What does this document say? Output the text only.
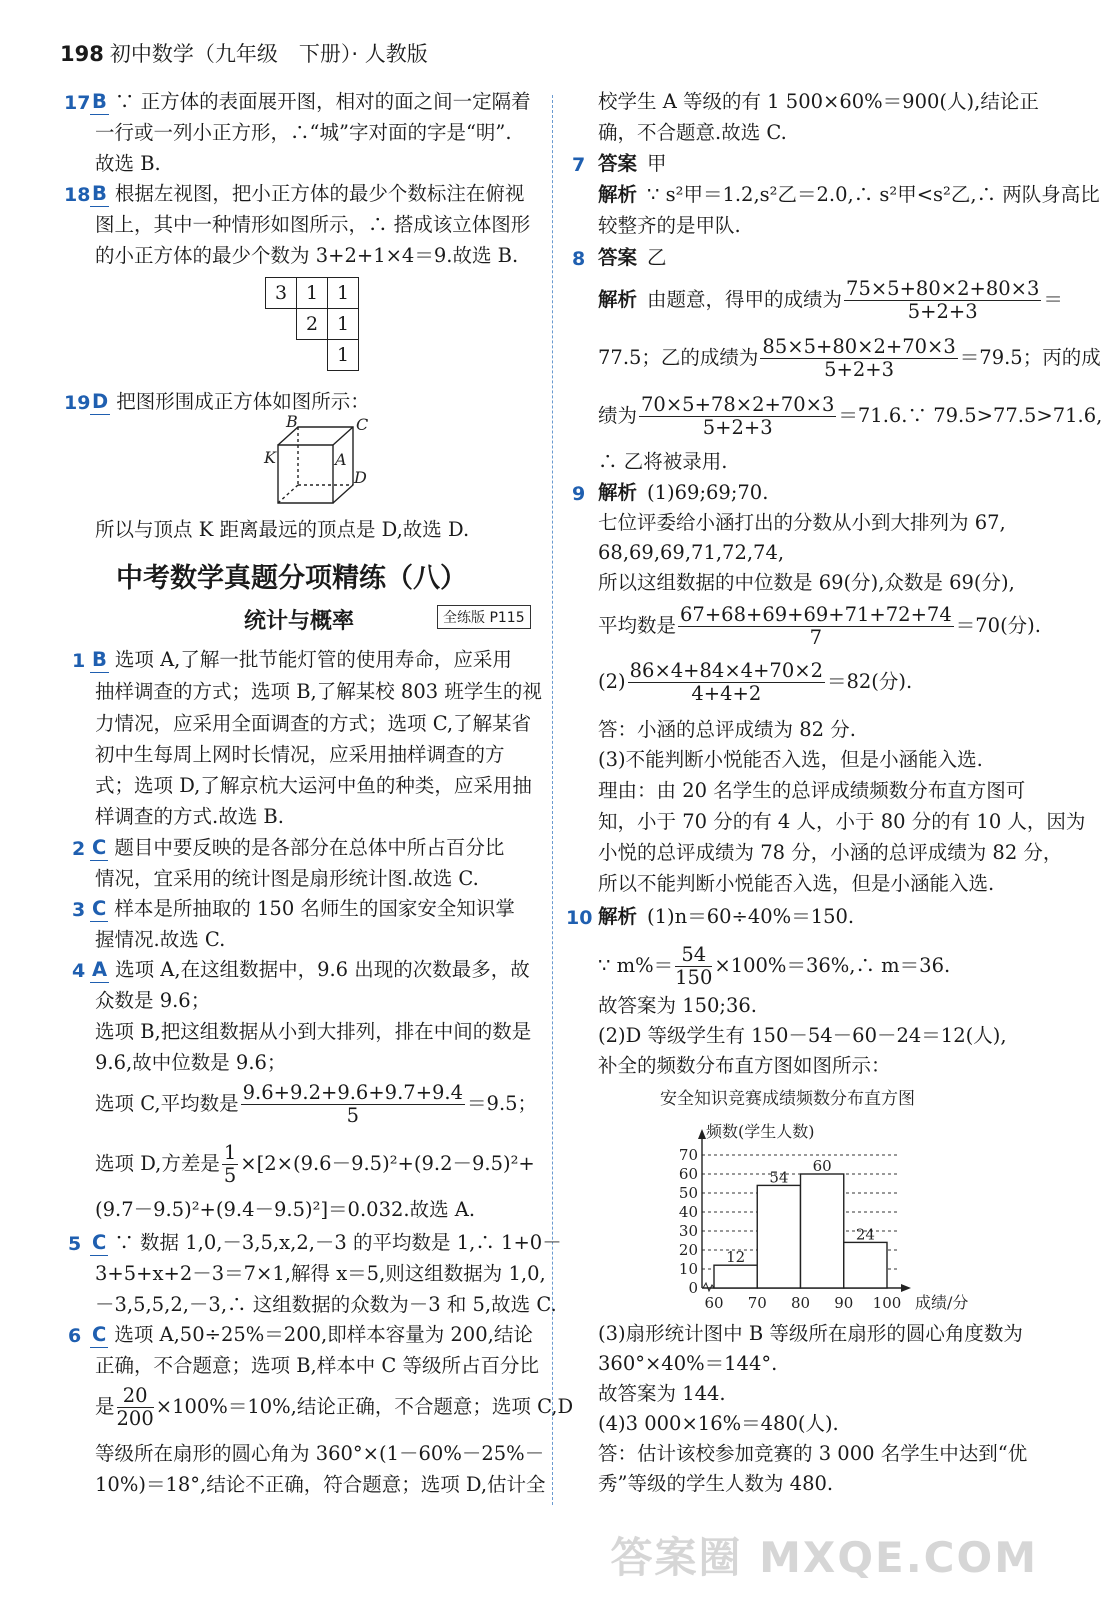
198 初中数学（九年级　下册）· 人教版
17 B ∵ 正方体的表面展开图，相对的面之间一定隔着
一行或一列小正方形，∴“城”字对面的字是“明”.
故选 B.
18 B 根据左视图，把小正方体的最少个数标注在俯视
图上，其中一种情形如图所示，∴ 搭成该立体图形
的小正方体的最少个数为 3+2+1×4＝9.故选 B.
3	1	1
	2	1
		1
19 D 把图形围成正方体如图所示：
B	C
K	A
D
所以与顶点 K 距离最远的顶点是 D,故选 D.
中考数学真题分项精练（八）
统计与概率	全练版 P115
1 B 选项 A,了解一批节能灯管的使用寿命，应采用
抽样调查的方式；选项 B,了解某校 803 班学生的视
力情况，应采用全面调查的方式；选项 C,了解某省
初中生每周上网时长情况，应采用抽样调查的方
式；选项 D,了解京杭大运河中鱼的种类，应采用抽
样调查的方式.故选 B.
2 C 题目中要反映的是各部分在总体中所占百分比
情况，宜采用的统计图是扇形统计图.故选 C.
3 C 样本是所抽取的 150 名师生的国家安全知识掌
握情况.故选 C.
4 A 选项 A,在这组数据中，9.6 出现的次数最多，故
众数是 9.6；
选项 B,把这组数据从小到大排列，排在中间的数是
9.6,故中位数是 9.6；
选项 C,平均数是 $\frac{9.6+9.2+9.6+9.7+9.4}{5} =9.5$；
选项 D,方差是 $\frac{1}{5} \times[2\times(9.6-9.5)^2+(9.2-9.5)^2+$
(9.7－9.5)²+(9.4－9.5)²]＝0.032.故选 A.
5 C ∵ 数据 1,0,－3,5,x,2,－3 的平均数是 1,∴ 1+0－
3+5+x+2－3＝7×1,解得 x＝5,则这组数据为 1,0,
－3,5,5,2,－3,∴ 这组数据的众数为－3 和 5,故选 C.
6 C 选项 A,50÷25%＝200,即样本容量为 200,结论
正确，不合题意；选项 B,样本中 C 等级所占百分比
是 $\frac{20}{200} \times 100\%=10\%$,结论正确，不合题意；选项 C,D
等级所在扇形的圆心角为 360°×(1－60%－25%－
10%)＝18°,结论不正确，符合题意；选项 D,估计全
校学生 A 等级的有 1 500×60%＝900(人),结论正
确，不合题意.故选 C.
7 答案 甲
解析 ∵ s²甲＝1.2,s²乙＝2.0,∴ s²甲<s²乙,∴ 两队身高比
较整齐的是甲队.
8 答案 乙
解析 由题意，得甲的成绩为 $\frac{75\times 5+80\times 2+80\times 3}{5+2+3}$ ＝
77.5；乙的成绩为 $\frac{85\times 5+80\times 2+70\times 3}{5+2+3} =79.5$；丙的成
绩为 $\frac{70\times 5+78\times 2+70\times 3}{5+2+3}$ ＝71.6.∵ 79.5>77.5>71.6,
∴ 乙将被录用.
9 解析 (1)69;69;70.
七位评委给小涵打出的分数从小到大排列为 67,
68,69,69,71,72,74,
所以这组数据的中位数是 69(分),众数是 69(分),
平均数是 $\frac{67+68+69+69+71+72+74}{7} =70$(分).
$(2) \frac{86\times 4+84\times 4+70\times 2}{4+4+2} =82$(分).
答：小涵的总评成绩为 82 分.
(3)不能判断小悦能否入选，但是小涵能入选.
理由：由 20 名学生的总评成绩频数分布直方图可
知，小于 70 分的有 4 人，小于 80 分的有 10 人，因为
小悦的总评成绩为 78 分，小涵的总评成绩为 82 分，
所以不能判断小悦能否入选，但是小涵能入选.
10 解析 (1)n＝60÷40%＝150.
∵ $m\%= \frac{54}{150}$ ×100%＝36%,∴ m＝36.
故答案为 150;36.
(2)D 等级学生有 150－54－60－24＝12(人),
补全的频数分布直方图如图所示：
安全知识竞赛成绩频数分布直方图
0
10
20
30
40
50
60
70
60 70 80 90 100
12
54
60
24
频数(学生人数)
成绩/分
(3)扇形统计图中 B 等级所在扇形的圆心角度数为
360°×40%＝144°.
故答案为 144.
(4)3 000×16%＝480(人).
答：估计该校参加竞赛的 3 000 名学生中达到“优
秀”等级的学生人数为 480.
答案圈 MXQE.COM
